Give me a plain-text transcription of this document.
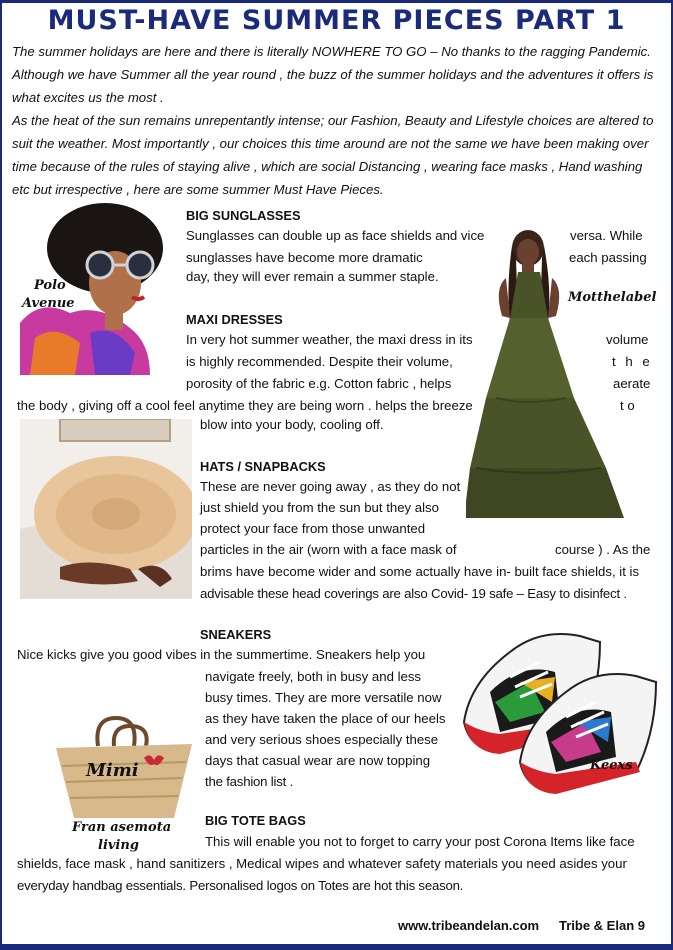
MUST-HAVE SUMMER PIECES PART 1

The summer holidays are here and there is literally NOWHERE TO GO – No thanks to the ragging Pandemic. Although we have Summer all the year round , the buzz of the summer holidays and the adventures it offers is what excites us the most .

As the heat of the sun remains unrepentantly intense; our Fashion, Beauty and Lifestyle choices are altered to suit the weather. Most importantly , our choices this time around are not the same we have been making over time because of the rules of staying alive , which are social Distancing , wearing face masks , Hand washing etc but irrespective , here are some summer Must Have Pieces.

Polo
Avenue	Motthelabel
Keexs
Mimi
Fran asemota
living
BIG SUNGLASSES
Sunglasses can double up as face shields and vice	versa. While
sunglasses have become more dramatic	each passing
day, they will ever remain a summer staple.
MAXI DRESSES
In very hot summer weather, the maxi dress in its	volume
is highly recommended. Despite their volume,	t h e
porosity of the fabric e.g. Cotton fabric , helps	aerate
the body , giving off a cool feel anytime they are being worn . helps the breeze	t o
blow into your body, cooling off.
HATS / SNAPBACKS
These are never going away , as they do not
just shield you from the sun but they also
protect your face from those unwanted
particles in the air (worn with a face mask of	course ) . As the
brims have become wider and some actually have in- built face shields, it is
advisable these head coverings are also Covid- 19 safe – Easy to disinfect .
SNEAKERS
Nice kicks give you good vibes in the summertime. Sneakers help you
navigate freely, both in busy and less
busy times. They are more versatile now
as they have taken the place of our heels
and very serious shoes especially these
days that casual wear are now topping
the fashion list .
BIG TOTE BAGS
This will enable you not to forget to carry your post Corona Items like face
shields, face mask , hand sanitizers , Medical wipes and whatever safety materials you need asides your
everyday handbag essentials. Personalised logos on Totes are hot this season.
www.tribeandelan.com Tribe & Elan 9
